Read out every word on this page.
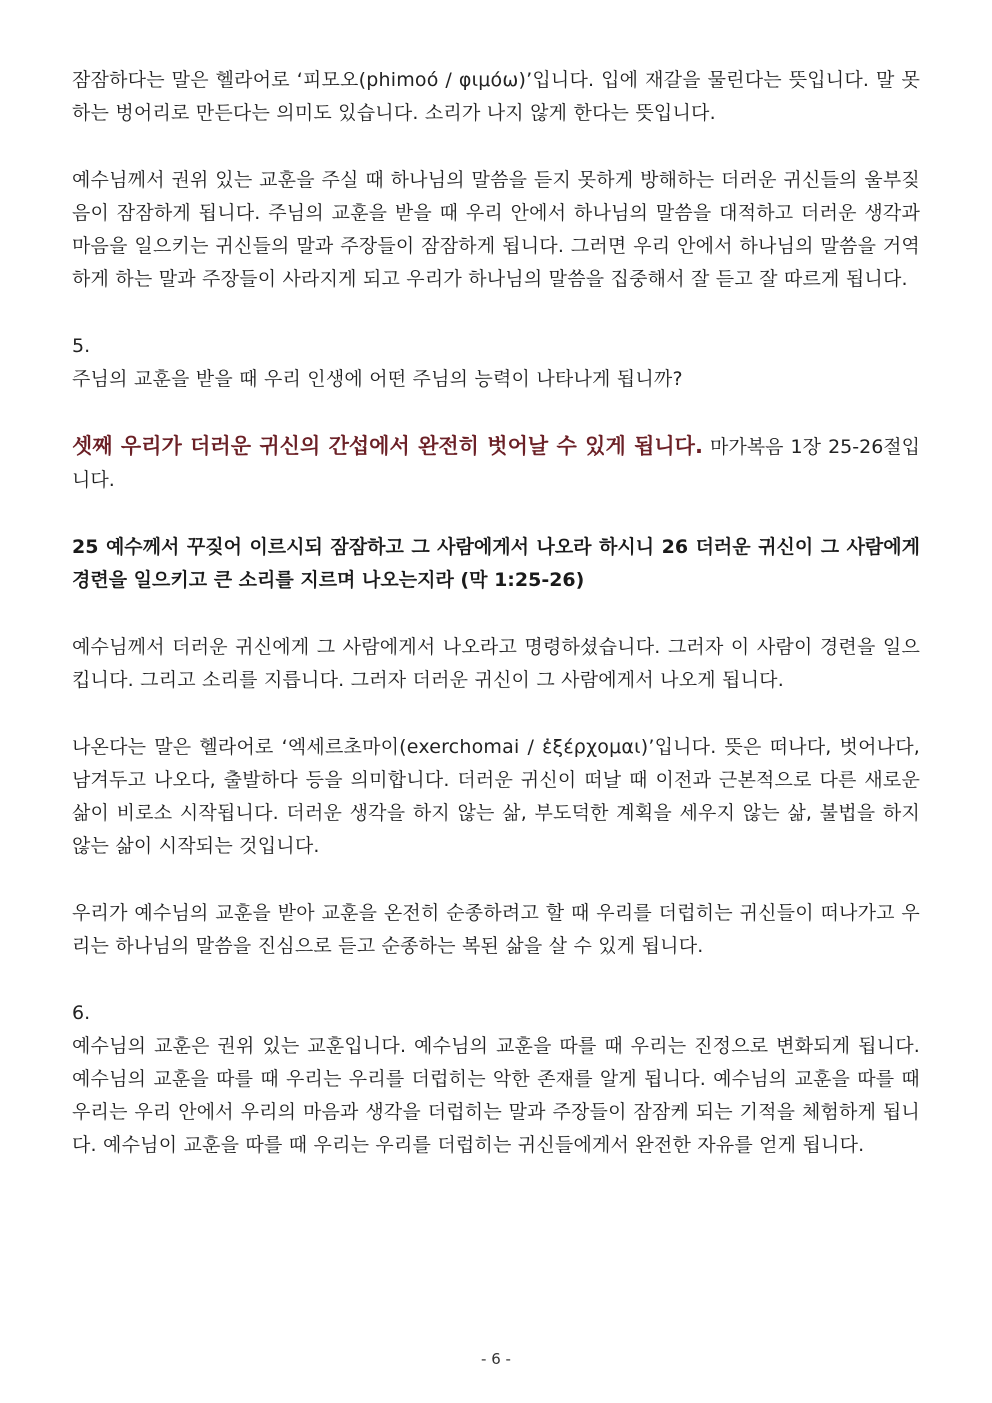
잠잠하다는 말은 헬라어로 ‘피모오(phimoó / φιμόω)’입니다. 입에 재갈을 물린다는 뜻입니다. 말 못하는 벙어리로 만든다는 의미도 있습니다. 소리가 나지 않게 한다는 뜻입니다.

예수님께서 권위 있는 교훈을 주실 때 하나님의 말씀을 듣지 못하게 방해하는 더러운 귀신들의 울부짖음이 잠잠하게 됩니다. 주님의 교훈을 받을 때 우리 안에서 하나님의 말씀을 대적하고 더러운 생각과 마음을 일으키는 귀신들의 말과 주장들이 잠잠하게 됩니다. 그러면 우리 안에서 하나님의 말씀을 거역하게 하는 말과 주장들이 사라지게 되고 우리가 하나님의 말씀을 집중해서 잘 듣고 잘 따르게 됩니다.

5.

주님의 교훈을 받을 때 우리 인생에 어떤 주님의 능력이 나타나게 됩니까?

셋째 우리가 더러운 귀신의 간섭에서 완전히 벗어날 수 있게 됩니다. 마가복음 1장 25-26절입니다.

25 예수께서 꾸짖어 이르시되 잠잠하고 그 사람에게서 나오라 하시니 26 더러운 귀신이 그 사람에게 경련을 일으키고 큰 소리를 지르며 나오는지라 (막 1:25-26)

예수님께서 더러운 귀신에게 그 사람에게서 나오라고 명령하셨습니다. 그러자 이 사람이 경련을 일으킵니다. 그리고 소리를 지릅니다. 그러자 더러운 귀신이 그 사람에게서 나오게 됩니다.

나온다는 말은 헬라어로 ‘엑세르초마이(exerchomai / ἐξέρχομαι)’입니다. 뜻은 떠나다, 벗어나다, 남겨두고 나오다, 출발하다 등을 의미합니다. 더러운 귀신이 떠날 때 이전과 근본적으로 다른 새로운 삶이 비로소 시작됩니다. 더러운 생각을 하지 않는 삶, 부도덕한 계획을 세우지 않는 삶, 불법을 하지 않는 삶이 시작되는 것입니다.

우리가 예수님의 교훈을 받아 교훈을 온전히 순종하려고 할 때 우리를 더럽히는 귀신들이 떠나가고 우리는 하나님의 말씀을 진심으로 듣고 순종하는 복된 삶을 살 수 있게 됩니다.

6.

예수님의 교훈은 권위 있는 교훈입니다. 예수님의 교훈을 따를 때 우리는 진정으로 변화되게 됩니다. 예수님의 교훈을 따를 때 우리는 우리를 더럽히는 악한 존재를 알게 됩니다. 예수님의 교훈을 따를 때 우리는 우리 안에서 우리의 마음과 생각을 더럽히는 말과 주장들이 잠잠케 되는 기적을 체험하게 됩니다. 예수님이 교훈을 따를 때 우리는 우리를 더럽히는 귀신들에게서 완전한 자유를 얻게 됩니다.

- 6 -
